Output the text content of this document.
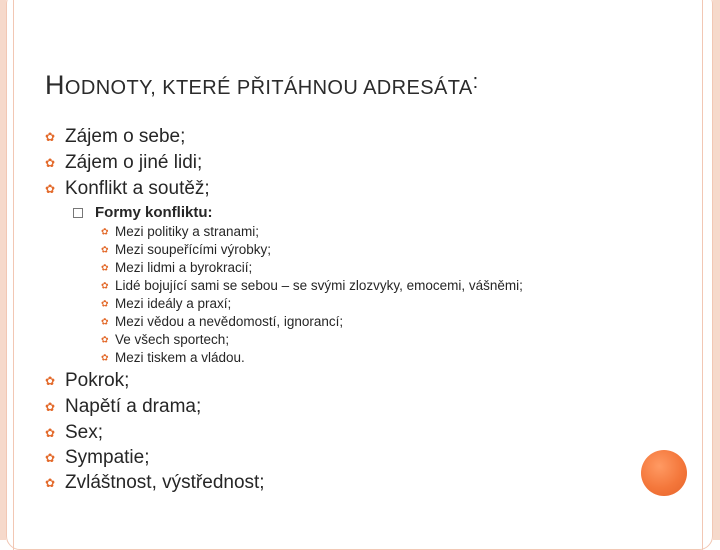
HODNOTY, KTERÉ PŘITÁHNOU ADRESÁTA:
✿ Zájem o sebe;
✿ Zájem o jiné lidi;
✿ Konflikt a soutěž;
Formy konfliktu:
✿ Mezi politiky a stranami;
✿ Mezi soupeřícími výrobky;
✿ Mezi lidmi a byrokracií;
✿ Lidé bojující sami se sebou – se svými zlozvyky, emocemi, vášněmi;
✿ Mezi ideály a praxí;
✿ Mezi vědou a nevědomostí, ignorancí;
✿ Ve všech sportech;
✿ Mezi tiskem a vládou.
✿ Pokrok;
✿ Napětí a drama;
✿ Sex;
✿ Sympatie;
✿ Zvláštnost, výstřednost;
